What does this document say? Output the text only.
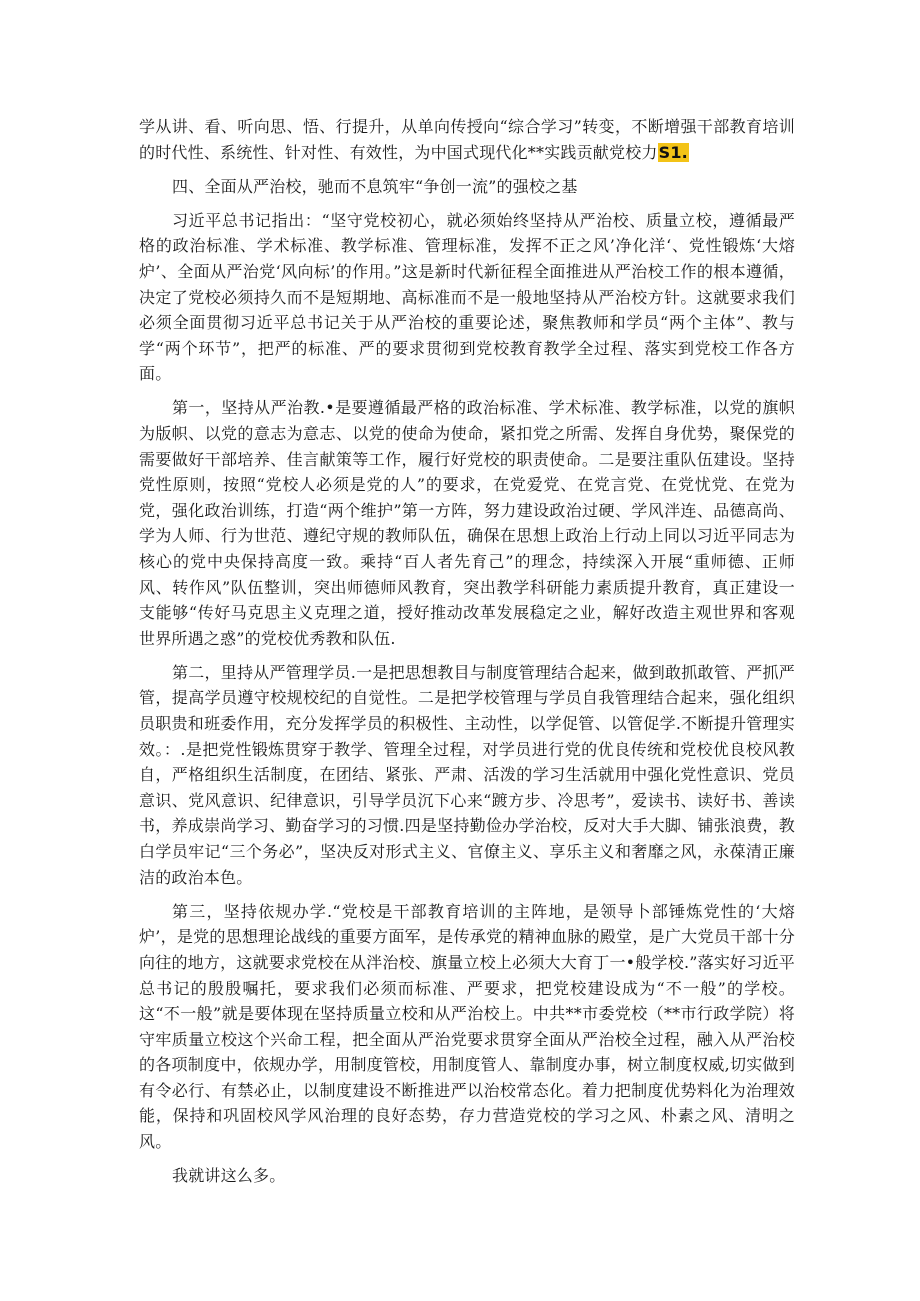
学从讲、看、听向思、悟、行提升，从单向传授向“综合学习”转变，不断增强干部教育培训的时代性、系统性、针对性、有效性，为中国式现代化**实践贡献党校力S1.

四、全面从严治校，驰而不息筑牢“争创一流”的强校之基

习近平总书记指出：“坚守党校初心，就必须始终坚持从严治校、质量立校，遵循最严格的政治标准、学术标准、教学标准、管理标准，发挥不正之风’净化洋‘、党性锻炼‘大熔炉’、全面从严治党‘风向标’的作用。”这是新时代新征程全面推进从严治校工作的根本遵循，决定了党校必须持久而不是短期地、高标准而不是一般地坚持从严治校方针。这就要求我们必须全面贯彻习近平总书记关于从严治校的重要论述，聚焦教师和学员“两个主体”、教与学“两个环节”，把严的标准、严的要求贯彻到党校教育教学全过程、落实到党校工作各方面。

第一，坚持从严治教.•是要遵循最严格的政治标准、学术标准、教学标准，以党的旗帜为版帜、以党的意志为意志、以党的使命为使命，紧扣党之所需、发挥自身优势，聚保党的需要做好干部培养、佳言献策等工作，履行好党校的职责使命。二是要注重队伍建设。坚持党性原则，按照“党校人必须是党的人”的要求，在党爱党、在党言党、在党忧党、在党为党，强化政治训练，打造“两个维护”第一方阵，努力建设政治过硬、学风泮连、品德高尚、学为人师、行为世范、遵纪守规的教师队伍，确保在思想上政治上行动上同以习近平同志为核心的党中央保持高度一致。乘持“百人者先育己”的理念，持续深入开展“重师德、正师风、转作风”队伍整训，突出师德师风教育，突出教学科研能力素质提升教育，真正建设一支能够“传好马克思主义克理之道，授好推动改革发展稳定之业，解好改造主观世界和客观世界所遇之惑”的党校优秀教和队伍.

第二，里持从严管理学员.一是把思想教目与制度管理结合起来，做到敢抓敢管、严抓严管，提高学员遵守校规校纪的自觉性。二是把学校管理与学员自我管理结合起来，强化组织员职贵和班委作用，充分发挥学员的积极性、主动性，以学促管、以管促学.不断提升管理实效。：.是把党性锻炼贯穿于教学、管理全过程，对学员进行党的优良传统和党校优良校风教自，严格组织生活制度，在团结、紧张、严肃、活泼的学习生活就用中强化党性意识、党员意识、党风意识、纪律意识，引导学员沉下心来“踱方步、冷思考”，爱读书、读好书、善读书，养成崇尚学习、勤奋学习的习惯.四是坚持勤俭办学治校，反对大手大脚、铺张浪费，教白学员牢记“三个务必”，坚决反对形式主义、官僚主义、享乐主义和奢靡之风，永葆清正廉洁的政治本色。

第三，坚持依规办学.“党校是干部教育培训的主阵地，是领导卜部锤炼党性的‘大熔炉’，是党的思想理论战线的重要方面军，是传承党的精神血脉的殿堂，是广大党员干部十分向往的地方，这就要求党校在从泮治校、旗量立校上必须大大育丁一•般学校.”落实好习近平总书记的殷殷嘱托，要求我们必须而标准、严要求，把党校建设成为“不一般”的学校。这“不一般”就是要体现在坚持质量立校和从严治校上。中共**市委党校（**市行政学院）将守牢质量立校这个兴命工程，把全面从严治党要求贯穿全面从严治校全过程，融入从严治校的各项制度中，依规办学，用制度管校，用制度管人、靠制度办事，树立制度权威,切实做到有令必行、有禁必止，以制度建设不断推进严以治校常态化。着力把制度优势料化为治理效能，保持和巩固校风学风治理的良好态势，存力营造党校的学习之风、朴素之风、清明之风。

我就讲这么多。
